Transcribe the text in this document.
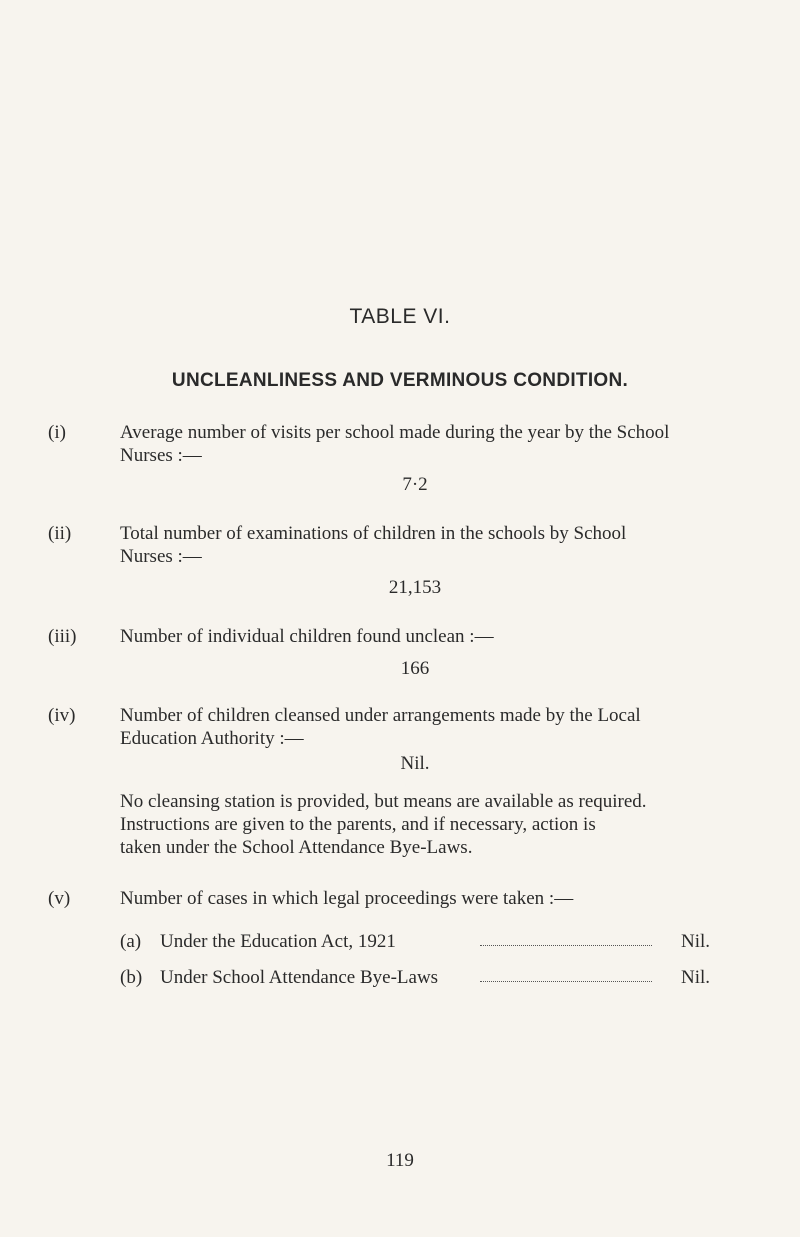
TABLE VI.
UNCLEANLINESS AND VERMINOUS CONDITION.
(i)	Average number of visits per school made during the year by the School
Nurses :—
7·2
(ii)	Total number of examinations of children in the schools by School
Nurses :—
21,153
(iii)	Number of individual children found unclean :—
166
(iv)	Number of children cleansed under arrangements made by the Local
Education Authority :—
Nil.
No cleansing station is provided, but means are available as required.
Instructions are given to the parents, and if necessary, action is
taken under the School Attendance Bye-Laws.
(v)	Number of cases in which legal proceedings were taken :—
(a) Under the Education Act, 1921	Nil.
(b) Under School Attendance Bye-Laws	Nil.
119
